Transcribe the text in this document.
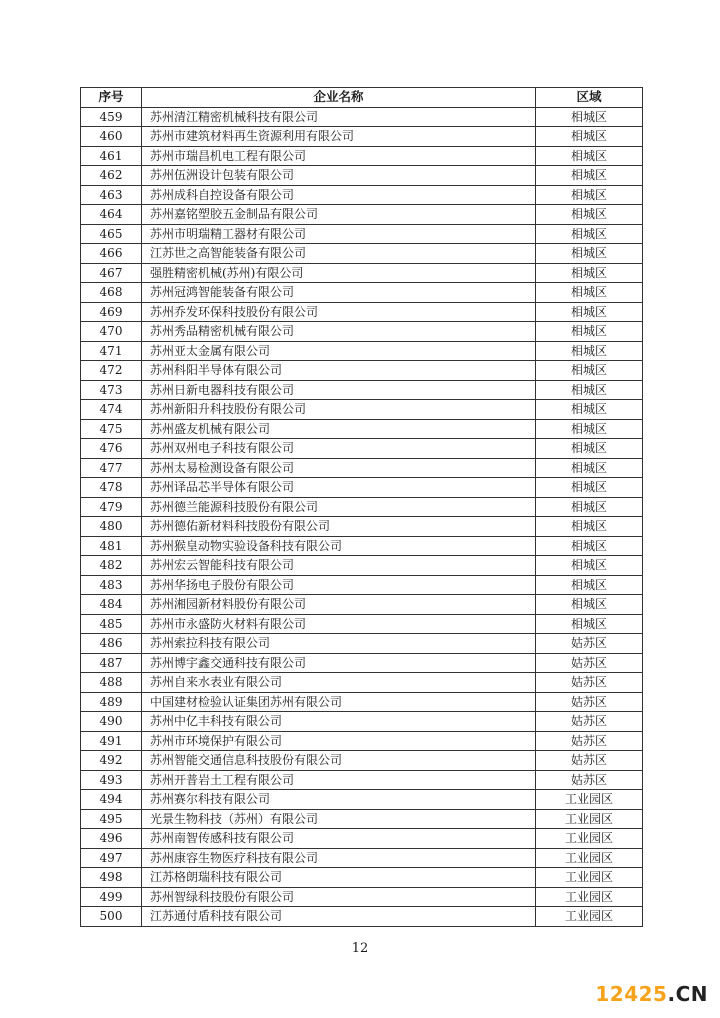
序号	企业名称	区域
459	苏州清江精密机械科技有限公司	相城区
460	苏州市建筑材料再生资源利用有限公司	相城区
461	苏州市瑞昌机电工程有限公司	相城区
462	苏州伍洲设计包装有限公司	相城区
463	苏州成科自控设备有限公司	相城区
464	苏州嘉铭塑胶五金制品有限公司	相城区
465	苏州市明瑞精工器材有限公司	相城区
466	江苏世之高智能装备有限公司	相城区
467	强胜精密机械(苏州)有限公司	相城区
468	苏州冠鸿智能装备有限公司	相城区
469	苏州乔发环保科技股份有限公司	相城区
470	苏州秀品精密机械有限公司	相城区
471	苏州亚太金属有限公司	相城区
472	苏州科阳半导体有限公司	相城区
473	苏州日新电器科技有限公司	相城区
474	苏州新阳升科技股份有限公司	相城区
475	苏州盛友机械有限公司	相城区
476	苏州双州电子科技有限公司	相城区
477	苏州太易检测设备有限公司	相城区
478	苏州译品芯半导体有限公司	相城区
479	苏州德兰能源科技股份有限公司	相城区
480	苏州德佑新材料科技股份有限公司	相城区
481	苏州猴皇动物实验设备科技有限公司	相城区
482	苏州宏云智能科技有限公司	相城区
483	苏州华扬电子股份有限公司	相城区
484	苏州湘园新材料股份有限公司	相城区
485	苏州市永盛防火材料有限公司	相城区
486	苏州索拉科技有限公司	姑苏区
487	苏州博宇鑫交通科技有限公司	姑苏区
488	苏州自来水表业有限公司	姑苏区
489	中国建材检验认证集团苏州有限公司	姑苏区
490	苏州中亿丰科技有限公司	姑苏区
491	苏州市环境保护有限公司	姑苏区
492	苏州智能交通信息科技股份有限公司	姑苏区
493	苏州开普岩土工程有限公司	姑苏区
494	苏州赛尔科技有限公司	工业园区
495	光景生物科技（苏州）有限公司	工业园区
496	苏州南智传感科技有限公司	工业园区
497	苏州康容生物医疗科技有限公司	工业园区
498	江苏格朗瑞科技有限公司	工业园区
499	苏州智绿科技股份有限公司	工业园区
500	江苏通付盾科技有限公司	工业园区
12
12425.CN
